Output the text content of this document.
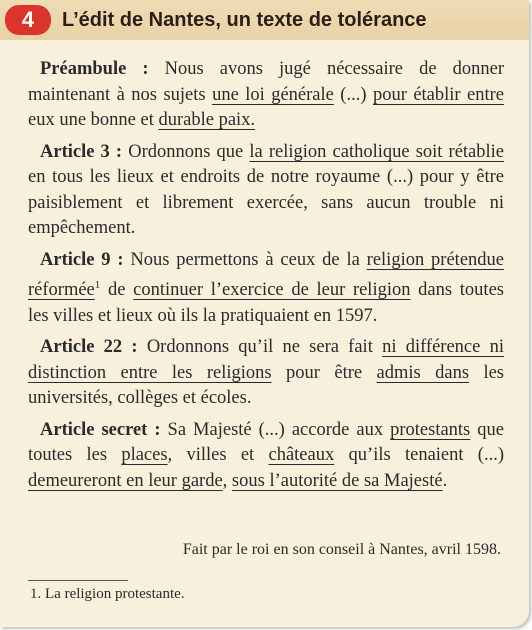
4	L’édit de Nantes, un texte de tolérance

Préambule : Nous avons jugé nécessaire de donner maintenant à nos sujets une loi générale (...) pour établir entre eux une bonne et durable paix.

Article 3 : Ordonnons que la religion catholique soit rétablie en tous les lieux et endroits de notre royaume (...) pour y être paisiblement et librement exercée, sans aucun trouble ni empêchement.

Article 9 : Nous permettons à ceux de la religion prétendue réformée$^1$ de continuer l’exercice de leur religion dans toutes les villes et lieux où ils la pratiquaient en 1597.

Article 22 : Ordonnons qu’il ne sera fait ni différence ni distinction entre les religions pour être admis dans les universités, collèges et écoles.

Article secret : Sa Majesté (...) accorde aux protestants que toutes les places, villes et châteaux qu’ils tenaient (...) demeureront en leur garde, sous l’autorité de sa Majesté.

Fait par le roi en son conseil à Nantes, avril 1598.
1. La religion protestante.
